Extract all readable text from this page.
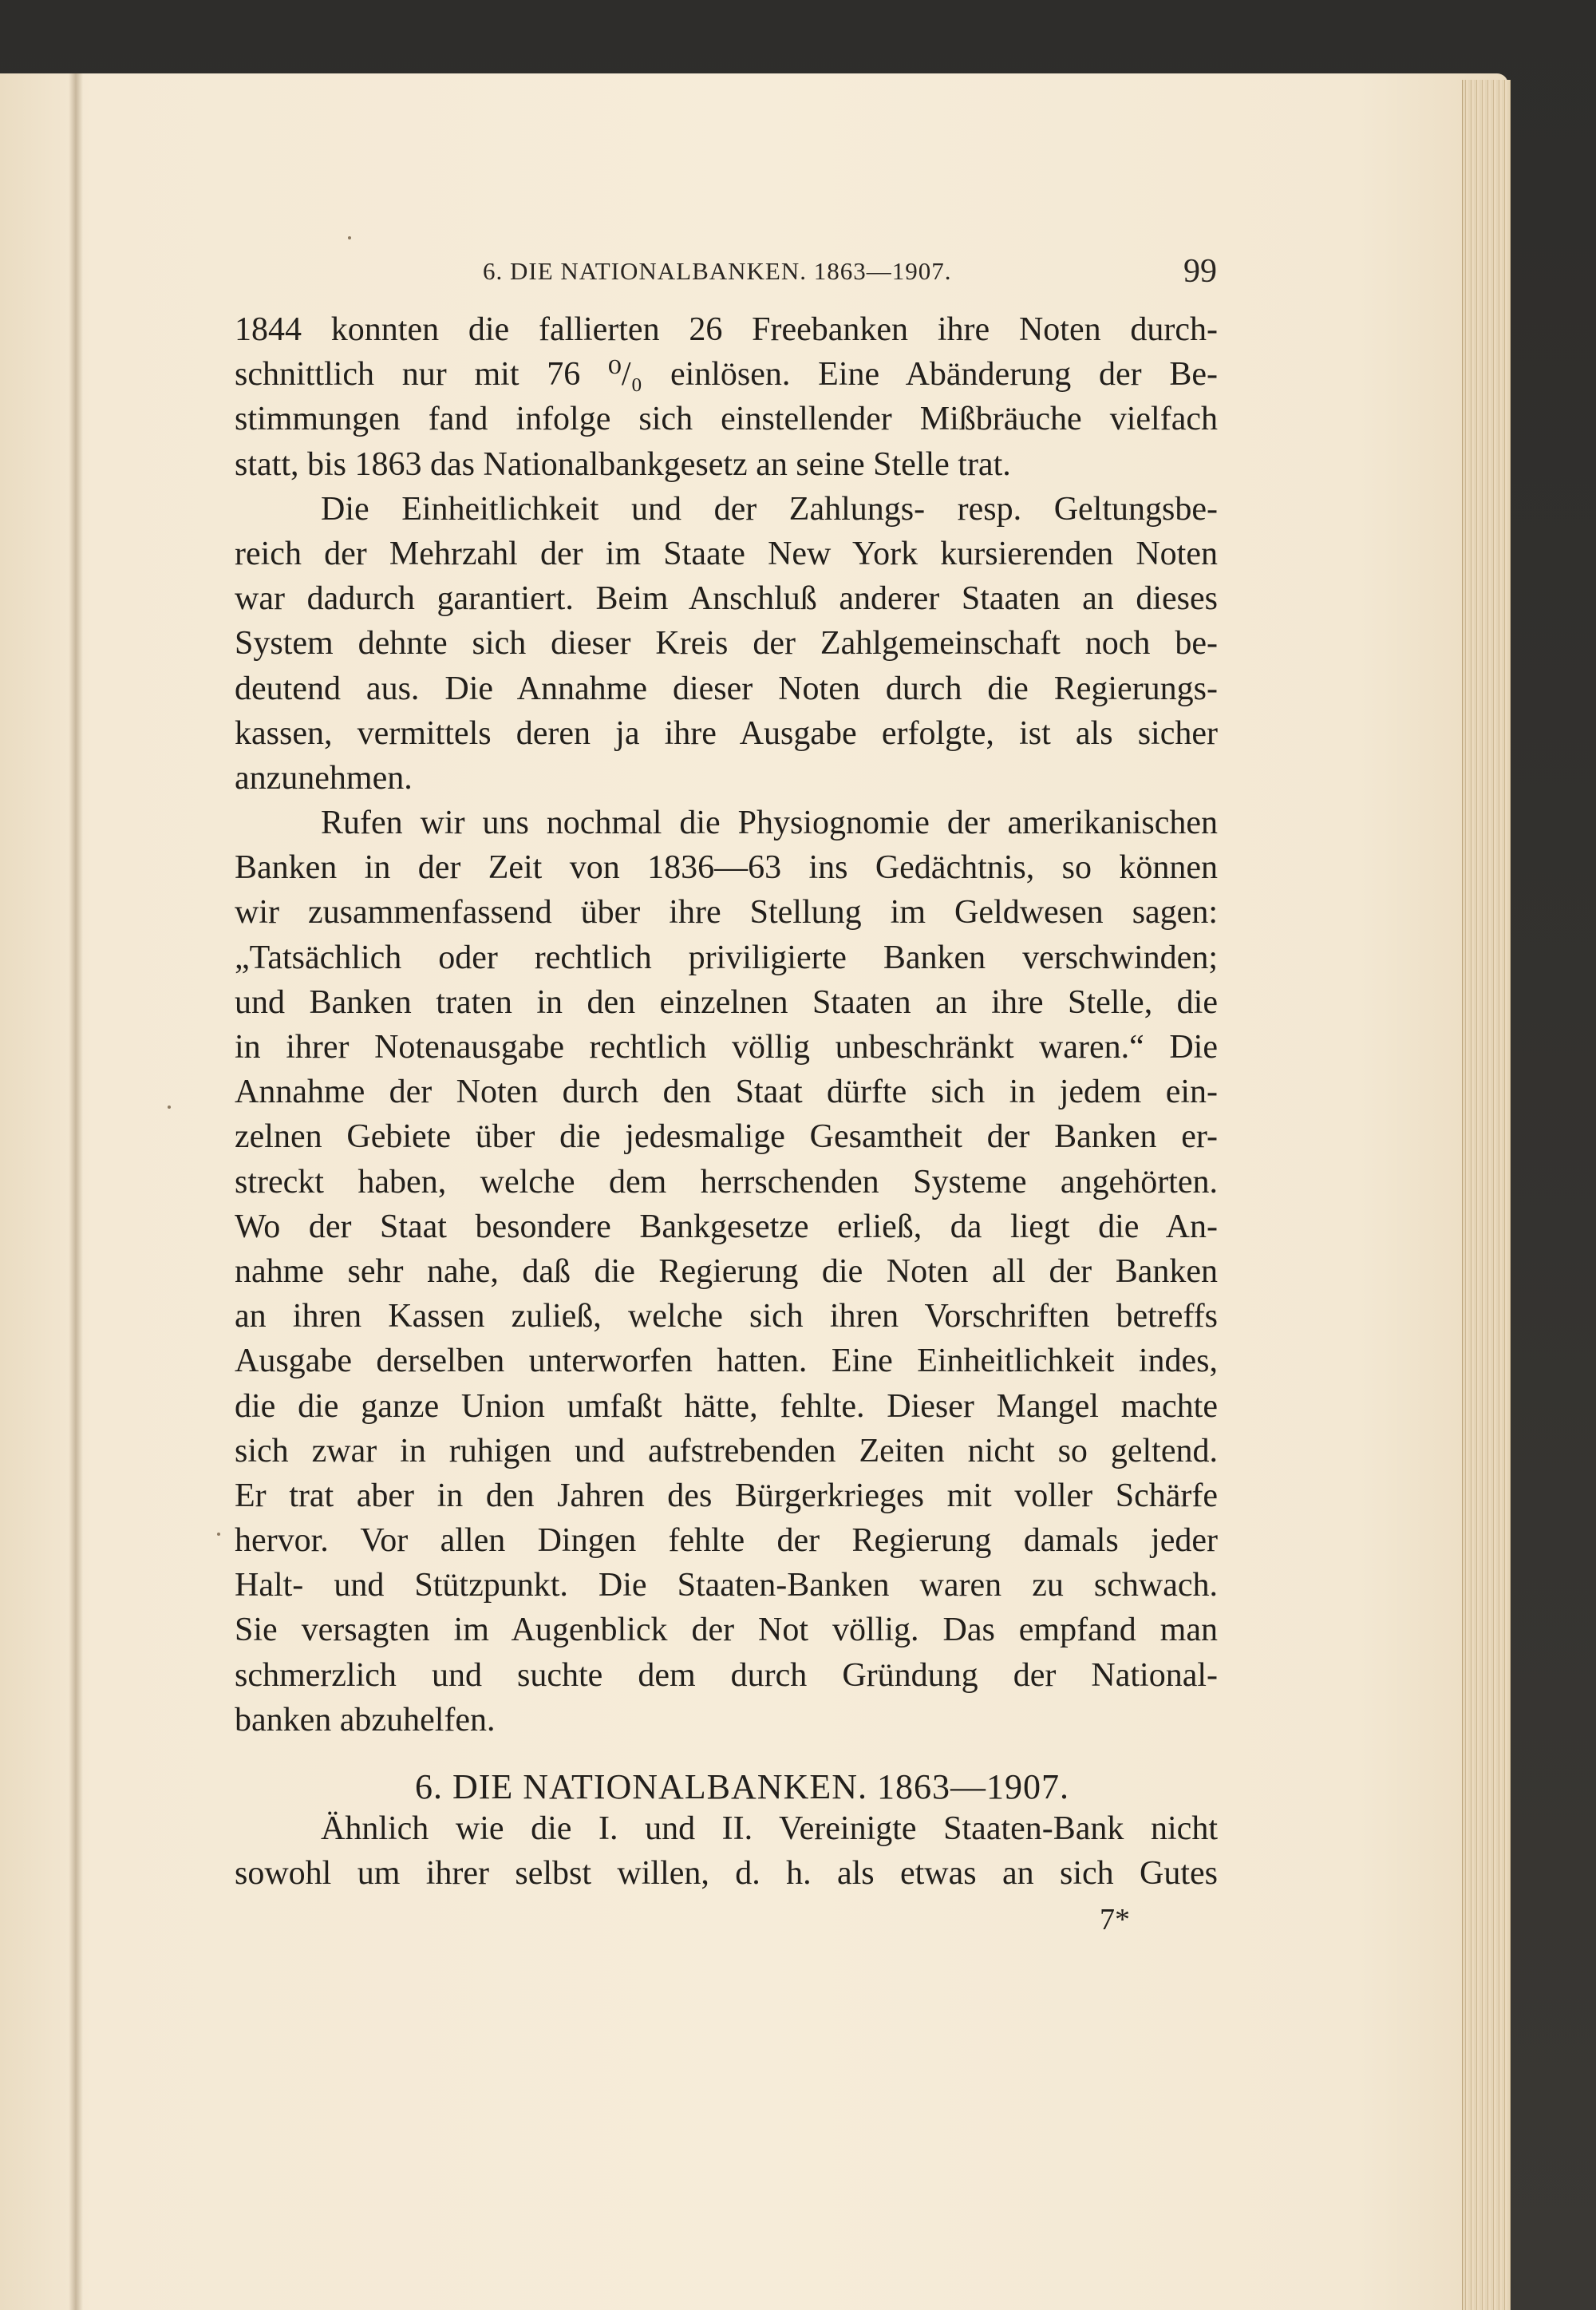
6. DIE NATIONALBANKEN. 1863—1907.	99
1844 konnten die fallierten 26 Freebanken ihre Noten durch-
schnittlich nur mit 76 ⁰/₀ einlösen. Eine Abänderung der Be-
stimmungen fand infolge sich einstellender Mißbräuche vielfach
statt, bis 1863 das Nationalbankgesetz an seine Stelle trat.
Die Einheitlichkeit und der Zahlungs- resp. Geltungsbe-
reich der Mehrzahl der im Staate New York kursierenden Noten
war dadurch garantiert. Beim Anschluß anderer Staaten an dieses
System dehnte sich dieser Kreis der Zahlgemeinschaft noch be-
deutend aus. Die Annahme dieser Noten durch die Regierungs-
kassen, vermittels deren ja ihre Ausgabe erfolgte, ist als sicher
anzunehmen.
Rufen wir uns nochmal die Physiognomie der amerikanischen
Banken in der Zeit von 1836—63 ins Gedächtnis, so können
wir zusammenfassend über ihre Stellung im Geldwesen sagen:
„Tatsächlich oder rechtlich priviligierte Banken verschwinden;
und Banken traten in den einzelnen Staaten an ihre Stelle, die
in ihrer Notenausgabe rechtlich völlig unbeschränkt waren.“ Die
Annahme der Noten durch den Staat dürfte sich in jedem ein-
zelnen Gebiete über die jedesmalige Gesamtheit der Banken er-
streckt haben, welche dem herrschenden Systeme angehörten.
Wo der Staat besondere Bankgesetze erließ, da liegt die An-
nahme sehr nahe, daß die Regierung die Noten all der Banken
an ihren Kassen zuließ, welche sich ihren Vorschriften betreffs
Ausgabe derselben unterworfen hatten. Eine Einheitlichkeit indes,
die die ganze Union umfaßt hätte, fehlte. Dieser Mangel machte
sich zwar in ruhigen und aufstrebenden Zeiten nicht so geltend.
Er trat aber in den Jahren des Bürgerkrieges mit voller Schärfe
hervor. Vor allen Dingen fehlte der Regierung damals jeder
Halt- und Stützpunkt. Die Staaten-Banken waren zu schwach.
Sie versagten im Augenblick der Not völlig. Das empfand man
schmerzlich und suchte dem durch Gründung der National-
banken abzuhelfen.
6. DIE NATIONALBANKEN. 1863—1907.
Ähnlich wie die I. und II. Vereinigte Staaten-Bank nicht
sowohl um ihrer selbst willen, d. h. als etwas an sich Gutes
7*
